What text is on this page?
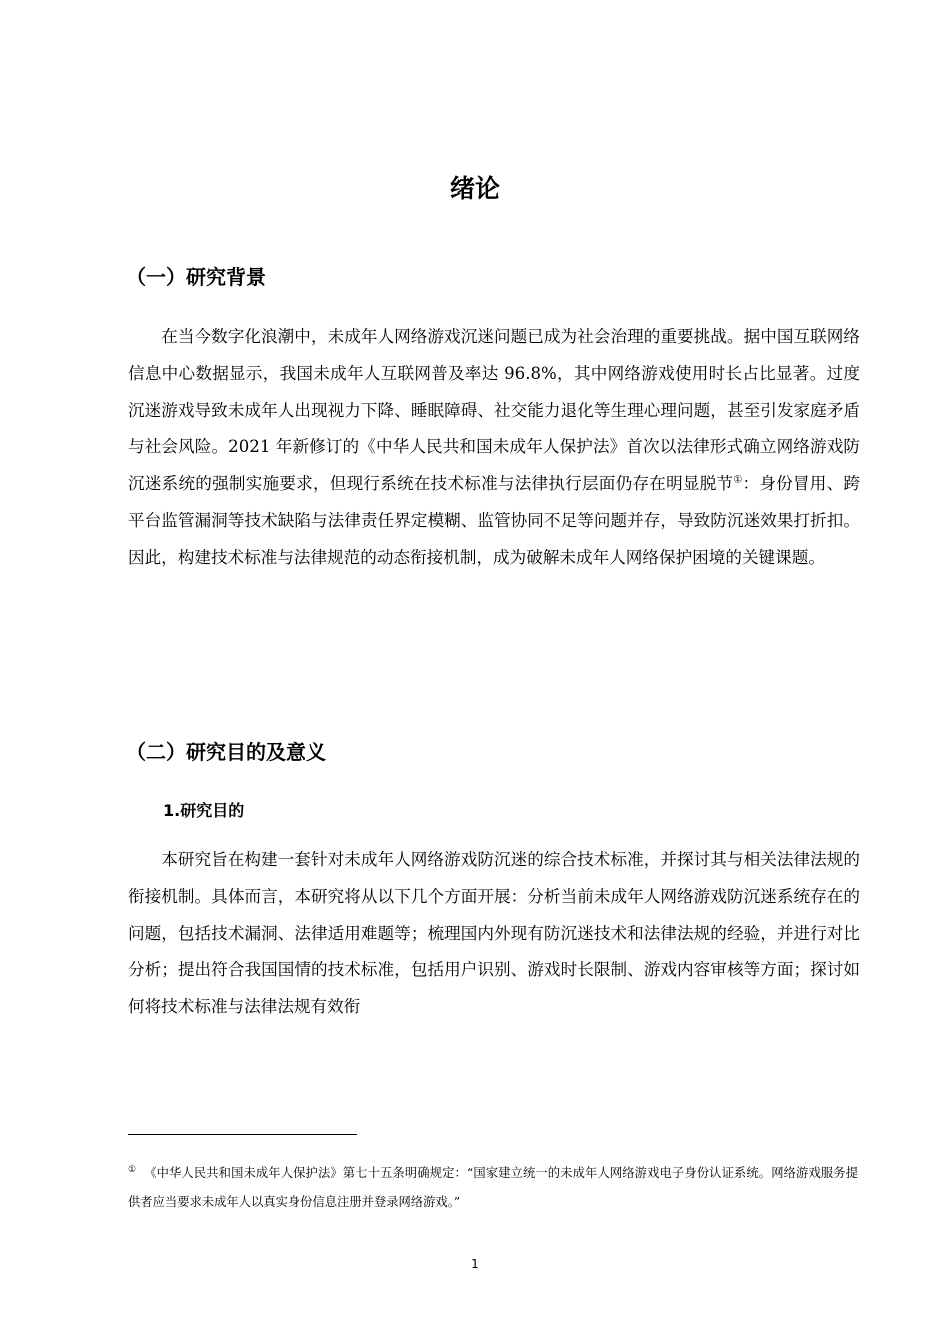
绪论
（一）研究背景

在当今数字化浪潮中，未成年人网络游戏沉迷问题已成为社会治理的重要挑战。据中国互联网络信息中心数据显示，我国未成年人互联网普及率达 96.8%，其中网络游戏使用时长占比显著。过度沉迷游戏导致未成年人出现视力下降、睡眠障碍、社交能力退化等生理心理问题，甚至引发家庭矛盾与社会风险。2021 年新修订的《中华人民共和国未成年人保护法》首次以法律形式确立网络游戏防沉迷系统的强制实施要求，但现行系统在技术标准与法律执行层面仍存在明显脱节①：身份冒用、跨平台监管漏洞等技术缺陷与法律责任界定模糊、监管协同不足等问题并存，导致防沉迷效果打折扣。因此，构建技术标准与法律规范的动态衔接机制，成为破解未成年人网络保护困境的关键课题。

（二）研究目的及意义
1.研究目的

本研究旨在构建一套针对未成年人网络游戏防沉迷的综合技术标准，并探讨其与相关法律法规的衔接机制。具体而言，本研究将从以下几个方面开展：分析当前未成年人网络游戏防沉迷系统存在的问题，包括技术漏洞、法律适用难题等；梳理国内外现有防沉迷技术和法律法规的经验，并进行对比分析；提出符合我国国情的技术标准，包括用户识别、游戏时长限制、游戏内容审核等方面；探讨如何将技术标准与法律法规有效衔

① 《中华人民共和国未成年人保护法》第七十五条明确规定：“国家建立统一的未成年人网络游戏电子身份认证系统。网络游戏服务提供者应当要求未成年人以真实身份信息注册并登录网络游戏。”

1
